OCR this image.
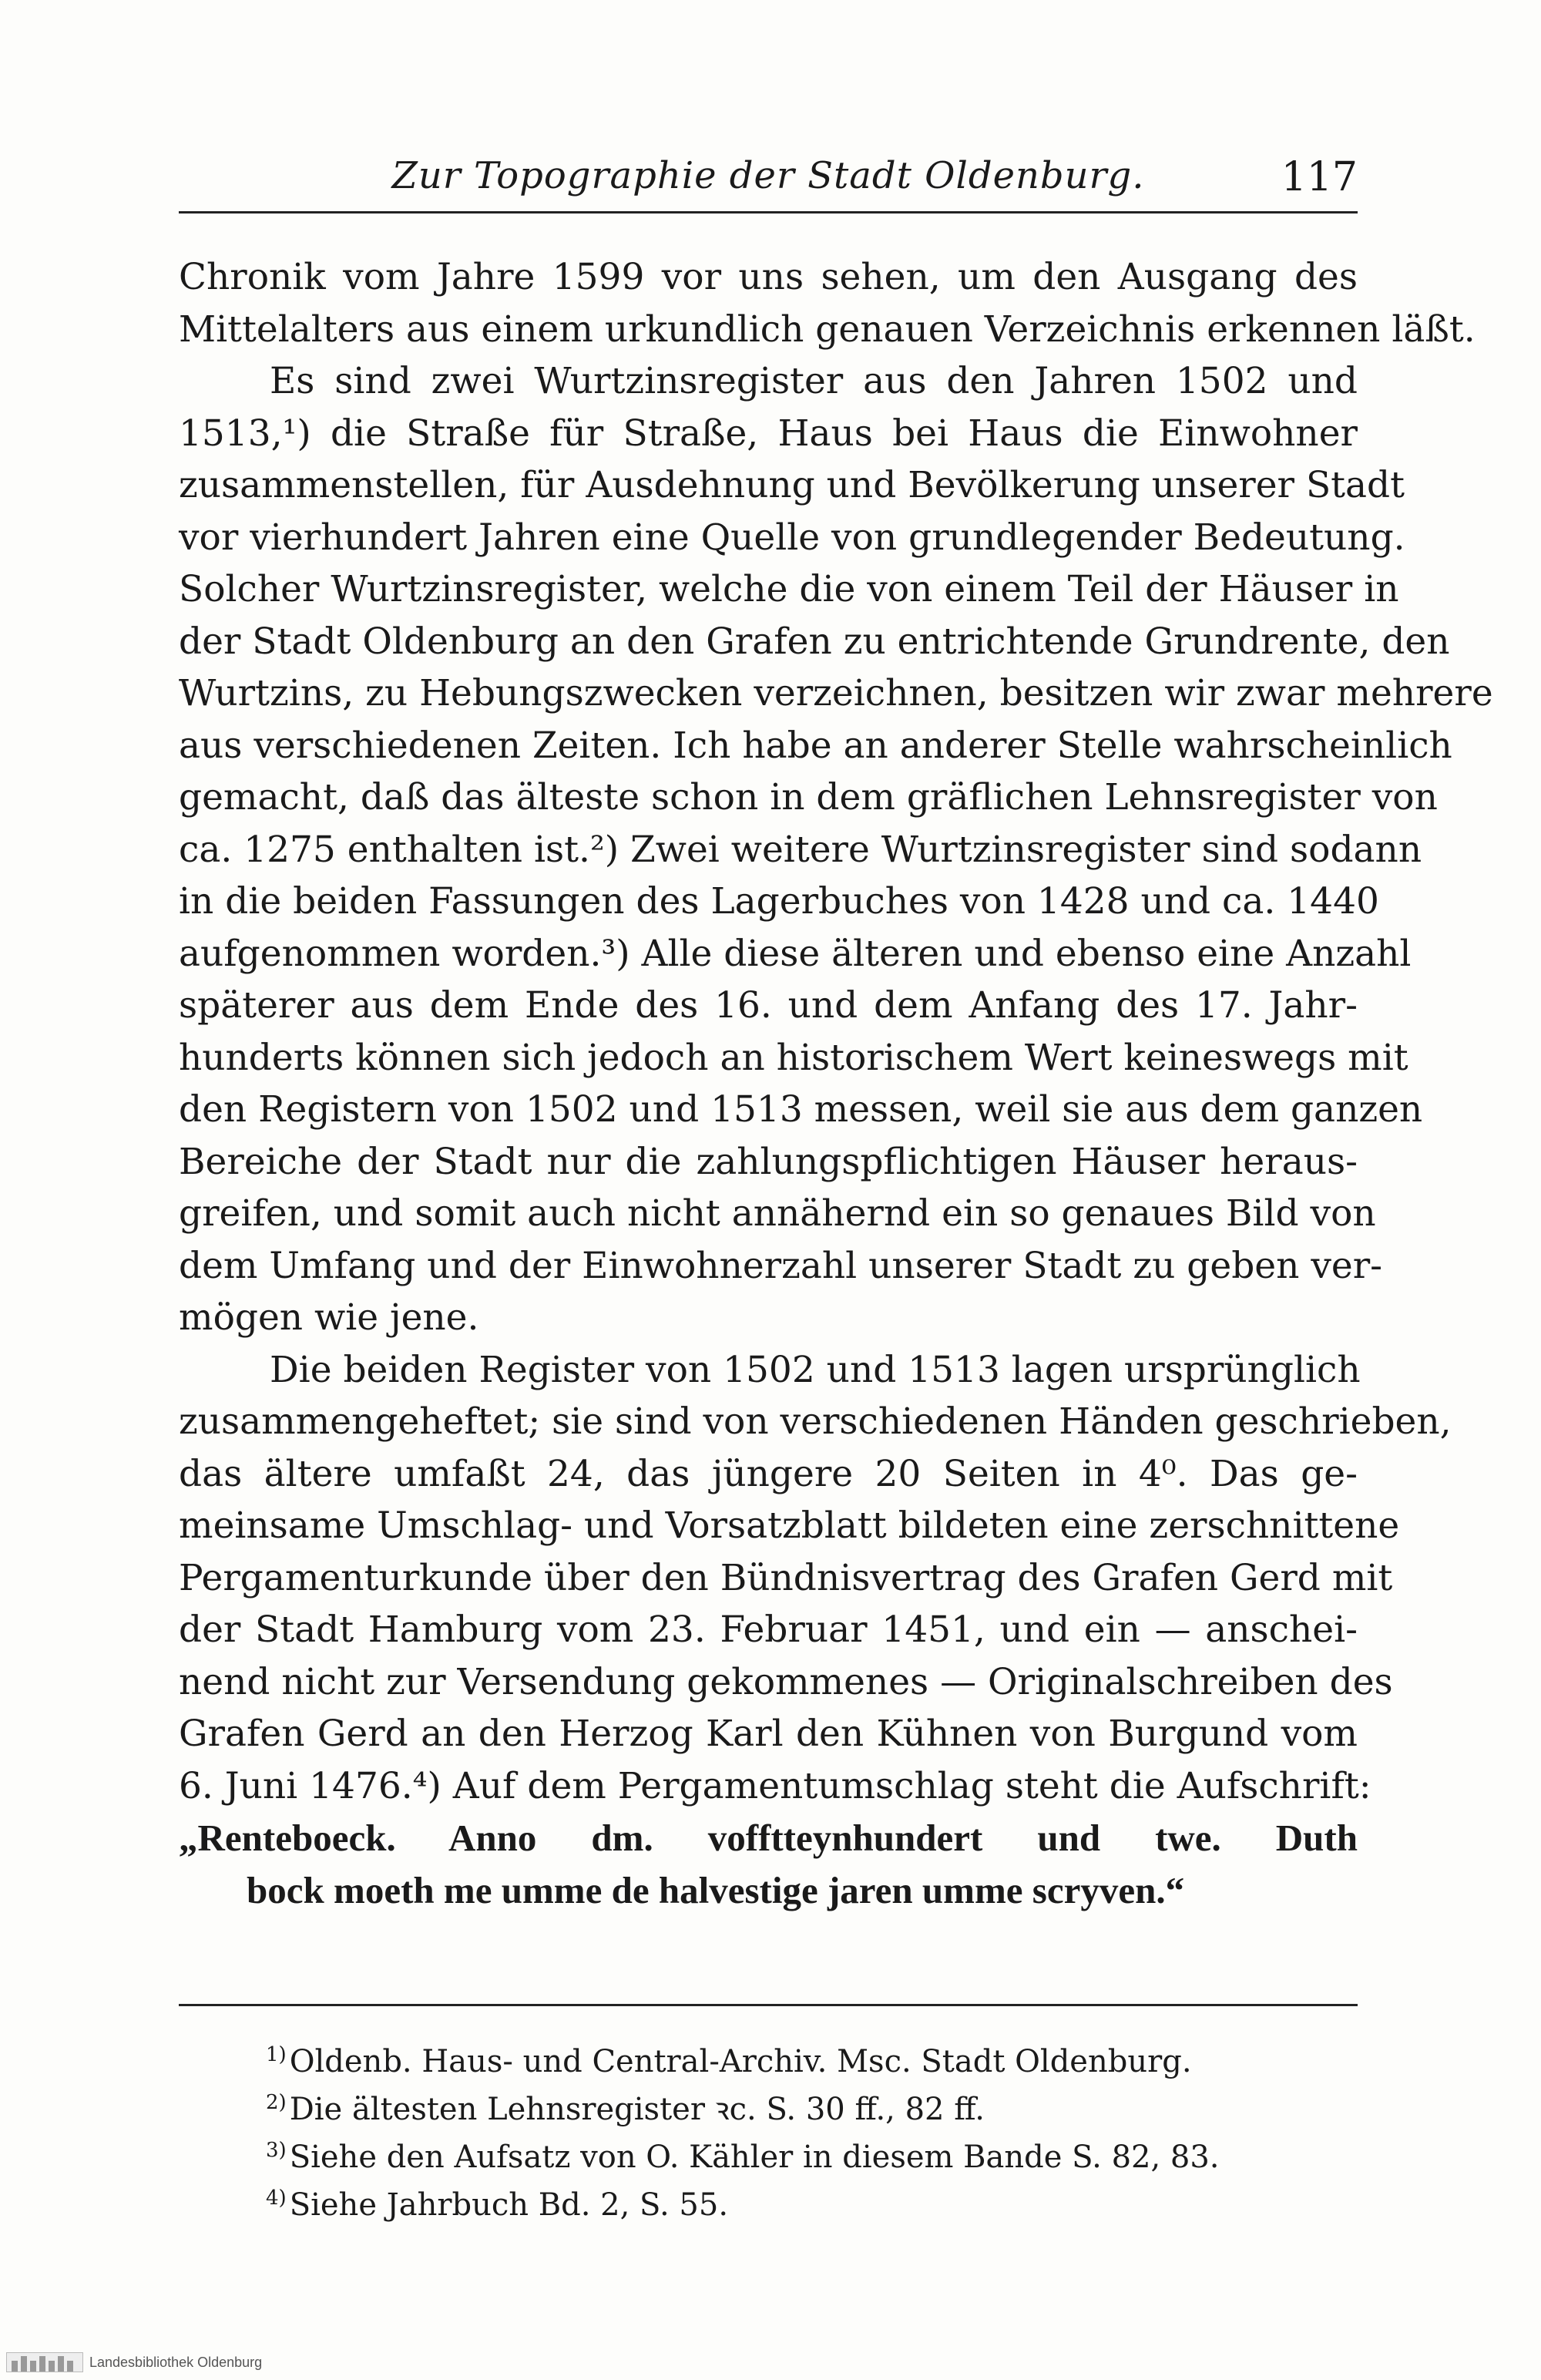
Zur Topographie der Stadt Oldenburg.	117
Chronik vom Jahre 1599 vor uns sehen, um den Ausgang des
Mittelalters aus einem urkundlich genauen Verzeichnis erkennen läßt.
Es sind zwei Wurtzinsregister aus den Jahren 1502 und
1513,¹) die Straße für Straße, Haus bei Haus die Einwohner
zusammenstellen, für Ausdehnung und Bevölkerung unserer Stadt
vor vierhundert Jahren eine Quelle von grundlegender Bedeutung.
Solcher Wurtzinsregister, welche die von einem Teil der Häuser in
der Stadt Oldenburg an den Grafen zu entrichtende Grundrente, den
Wurtzins, zu Hebungszwecken verzeichnen, besitzen wir zwar mehrere
aus verschiedenen Zeiten. Ich habe an anderer Stelle wahrscheinlich
gemacht, daß das älteste schon in dem gräflichen Lehnsregister von
ca. 1275 enthalten ist.²) Zwei weitere Wurtzinsregister sind sodann
in die beiden Fassungen des Lagerbuches von 1428 und ca. 1440
aufgenommen worden.³) Alle diese älteren und ebenso eine Anzahl
späterer aus dem Ende des 16. und dem Anfang des 17. Jahr-
hunderts können sich jedoch an historischem Wert keineswegs mit
den Registern von 1502 und 1513 messen, weil sie aus dem ganzen
Bereiche der Stadt nur die zahlungspflichtigen Häuser heraus-
greifen, und somit auch nicht annähernd ein so genaues Bild von
dem Umfang und der Einwohnerzahl unserer Stadt zu geben ver-
mögen wie jene.
Die beiden Register von 1502 und 1513 lagen ursprünglich
zusammengeheftet; sie sind von verschiedenen Händen geschrieben,
das ältere umfaßt 24, das jüngere 20 Seiten in 4⁰. Das ge-
meinsame Umschlag- und Vorsatzblatt bildeten eine zerschnittene
Pergamenturkunde über den Bündnisvertrag des Grafen Gerd mit
der Stadt Hamburg vom 23. Februar 1451, und ein — anschei-
nend nicht zur Versendung gekommenes — Originalschreiben des
Grafen Gerd an den Herzog Karl den Kühnen von Burgund vom
6. Juni 1476.⁴) Auf dem Pergamentumschlag steht die Aufschrift:
„Renteboeck. Anno dm. vofftteynhundert und twe. Duth
bock moeth me umme de halvestige jaren umme scryven.“
$^{1)}$ Oldenb. Haus- und Central-Archiv. Msc. Stadt Oldenburg.
$^{2)}$ Die ältesten Lehnsregister ꝛc. S. 30 ff., 82 ff.
$^{3)}$ Siehe den Aufsatz von O. Kähler in diesem Bande S. 82, 83.
$^{4)}$ Siehe Jahrbuch Bd. 2, S. 55.
Landesbibliothek Oldenburg
